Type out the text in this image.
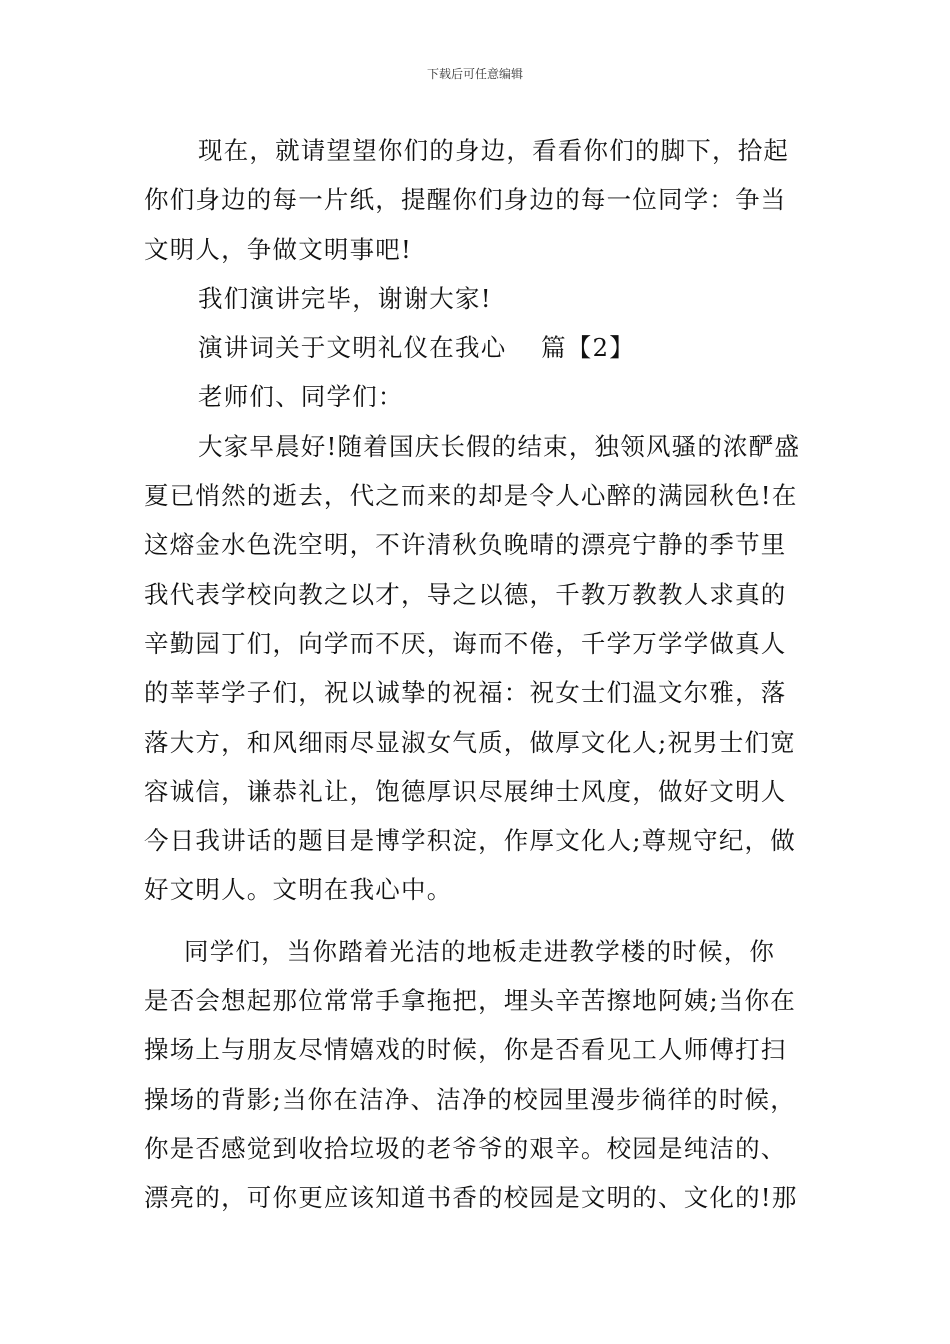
下载后可任意编辑
现在，就请望望你们的身边，看看你们的脚下，拾起
你们身边的每一片纸，提醒你们身边的每一位同学：争当
文明人，争做文明事吧!
我们演讲完毕，谢谢大家!
演讲词关于文明礼仪在我心　 篇【2】
老师们、同学们：
大家早晨好!随着国庆长假的结束，独领风骚的浓酽盛
夏已悄然的逝去，代之而来的却是令人心醉的满园秋色!在
这熔金水色洗空明，不许清秋负晚晴的漂亮宁静的季节里
我代表学校向教之以才，导之以德，千教万教教人求真的
辛勤园丁们，向学而不厌，诲而不倦，千学万学学做真人
的莘莘学子们，祝以诚挚的祝福：祝女士们温文尔雅，落
落大方，和风细雨尽显淑女气质，做厚文化人;祝男士们宽
容诚信，谦恭礼让，饱德厚识尽展绅士风度，做好文明人
今日我讲话的题目是博学积淀，作厚文化人;尊规守纪，做
好文明人。文明在我心中。
同学们，当你踏着光洁的地板走进教学楼的时候，你
是否会想起那位常常手拿拖把，埋头辛苦擦地阿姨;当你在
操场上与朋友尽情嬉戏的时候，你是否看见工人师傅打扫
操场的背影;当你在洁净、洁净的校园里漫步徜徉的时候，
你是否感觉到收拾垃圾的老爷爷的艰辛。校园是纯洁的、
漂亮的，可你更应该知道书香的校园是文明的、文化的!那
